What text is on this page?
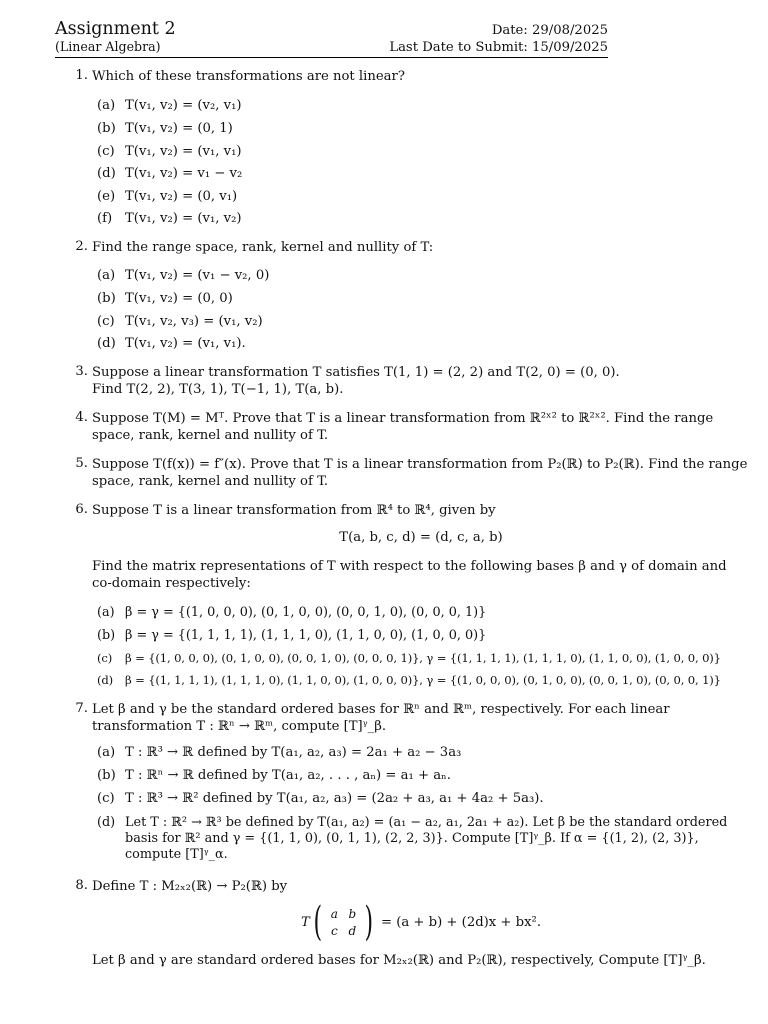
Assignment 2	Date: 29/08/2025
(Linear Algebra)	Last Date to Submit: 15/09/2025
1. Which of these transformations are not linear?
(a) T(v₁, v₂) = (v₂, v₁)
(b) T(v₁, v₂) = (0, 1)
(c) T(v₁, v₂) = (v₁, v₁)
(d) T(v₁, v₂) = v₁ − v₂
(e) T(v₁, v₂) = (0, v₁)
(f) T(v₁, v₂) = (v₁, v₂)
2. Find the range space, rank, kernel and nullity of T:
(a) T(v₁, v₂) = (v₁ − v₂, 0)
(b) T(v₁, v₂) = (0, 0)
(c) T(v₁, v₂, v₃) = (v₁, v₂)
(d) T(v₁, v₂) = (v₁, v₁).
3. Suppose a linear transformation T satisfies T(1, 1) = (2, 2) and T(2, 0) = (0, 0).
Find T(2, 2), T(3, 1), T(−1, 1), T(a, b).
4. Suppose T(M) = Mᵀ. Prove that T is a linear transformation from ℝ²ˣ² to ℝ²ˣ². Find the range space, rank, kernel and nullity of T.
5. Suppose T(f(x)) = f″(x). Prove that T is a linear transformation from P₂(ℝ) to P₂(ℝ). Find the range space, rank, kernel and nullity of T.
6. Suppose T is a linear transformation from ℝ⁴ to ℝ⁴, given by
T(a, b, c, d) = (d, c, a, b)
Find the matrix representations of T with respect to the following bases β and γ of domain and co-domain respectively:
(a) β = γ = {(1, 0, 0, 0), (0, 1, 0, 0), (0, 0, 1, 0), (0, 0, 0, 1)}
(b) β = γ = {(1, 1, 1, 1), (1, 1, 1, 0), (1, 1, 0, 0), (1, 0, 0, 0)}
(c) β = {(1, 0, 0, 0), (0, 1, 0, 0), (0, 0, 1, 0), (0, 0, 0, 1)}, γ = {(1, 1, 1, 1), (1, 1, 1, 0), (1, 1, 0, 0), (1, 0, 0, 0)}
(d) β = {(1, 1, 1, 1), (1, 1, 1, 0), (1, 1, 0, 0), (1, 0, 0, 0)}, γ = {(1, 0, 0, 0), (0, 1, 0, 0), (0, 0, 1, 0), (0, 0, 0, 1)}
7. Let β and γ be the standard ordered bases for ℝⁿ and ℝᵐ, respectively. For each linear transformation T : ℝⁿ → ℝᵐ, compute [T]ᵞ_β.
(a) T : ℝ³ → ℝ defined by T(a₁, a₂, a₃) = 2a₁ + a₂ − 3a₃
(b) T : ℝⁿ → ℝ defined by T(a₁, a₂, . . . , aₙ) = a₁ + aₙ.
(c) T : ℝ³ → ℝ² defined by T(a₁, a₂, a₃) = (2a₂ + a₃, a₁ + 4a₂ + 5a₃).
(d) Let T : ℝ² → ℝ³ be defined by T(a₁, a₂) = (a₁ − a₂, a₁, 2a₁ + a₂). Let β be the standard ordered basis for ℝ² and γ = {(1, 1, 0), (0, 1, 1), (2, 2, 3)}. Compute [T]ᵞ_β. If α = {(1, 2), (2, 3)}, compute [T]ᵞ_α.
8. Define T : M₂ₓ₂(ℝ) → P₂(ℝ) by
T ( a b
c d ) = (a + b) + (2d)x + bx².
Let β and γ are standard ordered bases for M₂ₓ₂(ℝ) and P₂(ℝ), respectively, Compute [T]ᵞ_β.
